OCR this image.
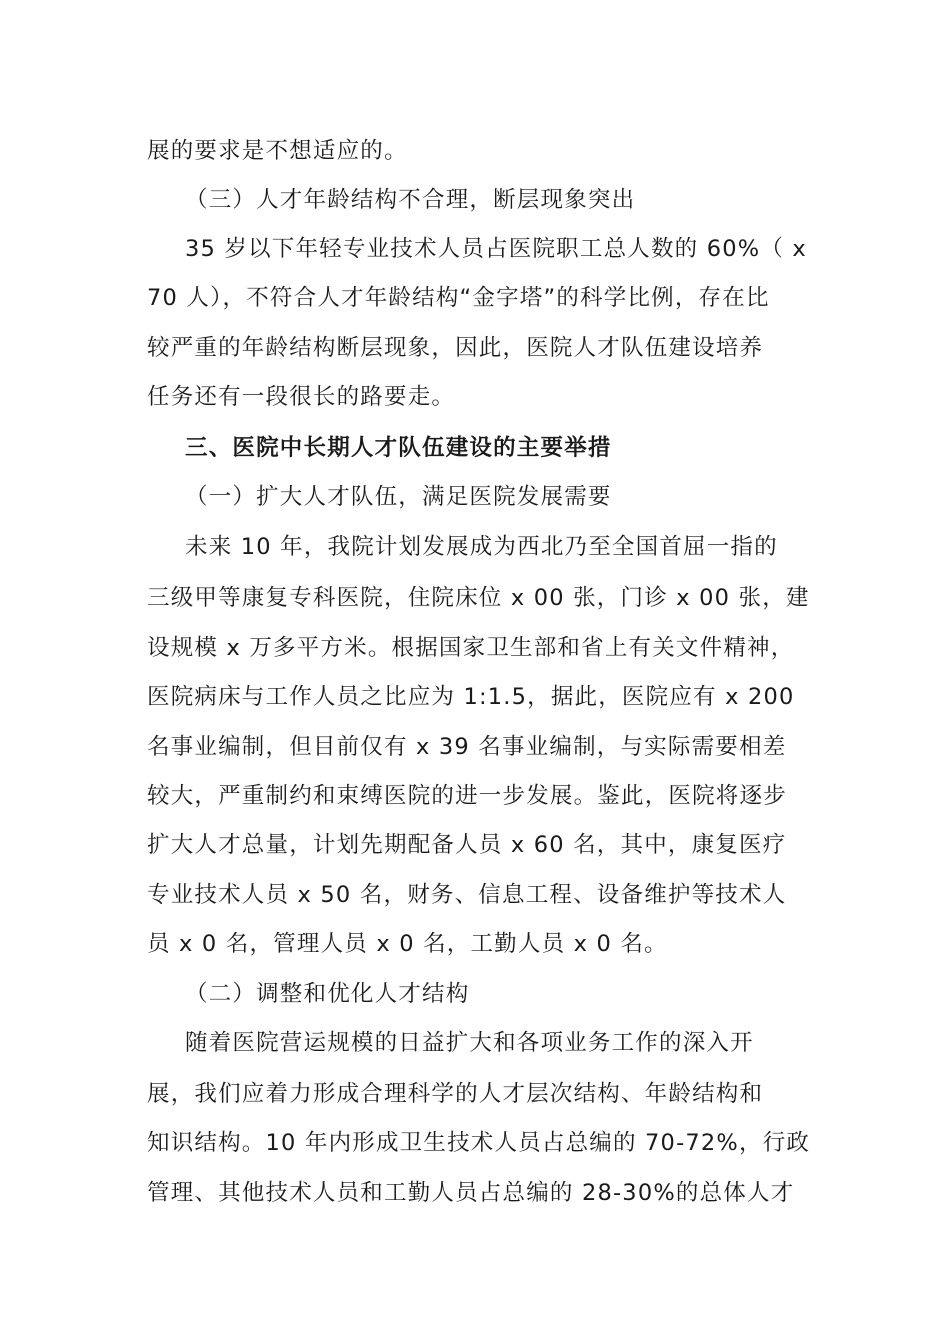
展的要求是不想适应的。
（三）人才年龄结构不合理，断层现象突出
35 岁以下年轻专业技术人员占医院职工总人数的 60%（ x
70 人），不符合人才年龄结构“金字塔”的科学比例，存在比
较严重的年龄结构断层现象，因此，医院人才队伍建设培养
任务还有一段很长的路要走。
三、医院中长期人才队伍建设的主要举措
（一）扩大人才队伍，满足医院发展需要
未来 10 年，我院计划发展成为西北乃至全国首屈一指的
三级甲等康复专科医院，住院床位 x 00 张，门诊 x 00 张，建
设规模 x 万多平方米。根据国家卫生部和省上有关文件精神，
医院病床与工作人员之比应为 1:1.5，据此，医院应有 x 200
名事业编制，但目前仅有 x 39 名事业编制，与实际需要相差
较大，严重制约和束缚医院的进一步发展。鉴此，医院将逐步
扩大人才总量，计划先期配备人员 x 60 名，其中，康复医疗
专业技术人员 x 50 名，财务、信息工程、设备维护等技术人
员 x 0 名，管理人员 x 0 名，工勤人员 x 0 名。
（二）调整和优化人才结构
随着医院营运规模的日益扩大和各项业务工作的深入开
展，我们应着力形成合理科学的人才层次结构、年龄结构和
知识结构。10 年内形成卫生技术人员占总编的 70-72%，行政
管理、其他技术人员和工勤人员占总编的 28-30%的总体人才
